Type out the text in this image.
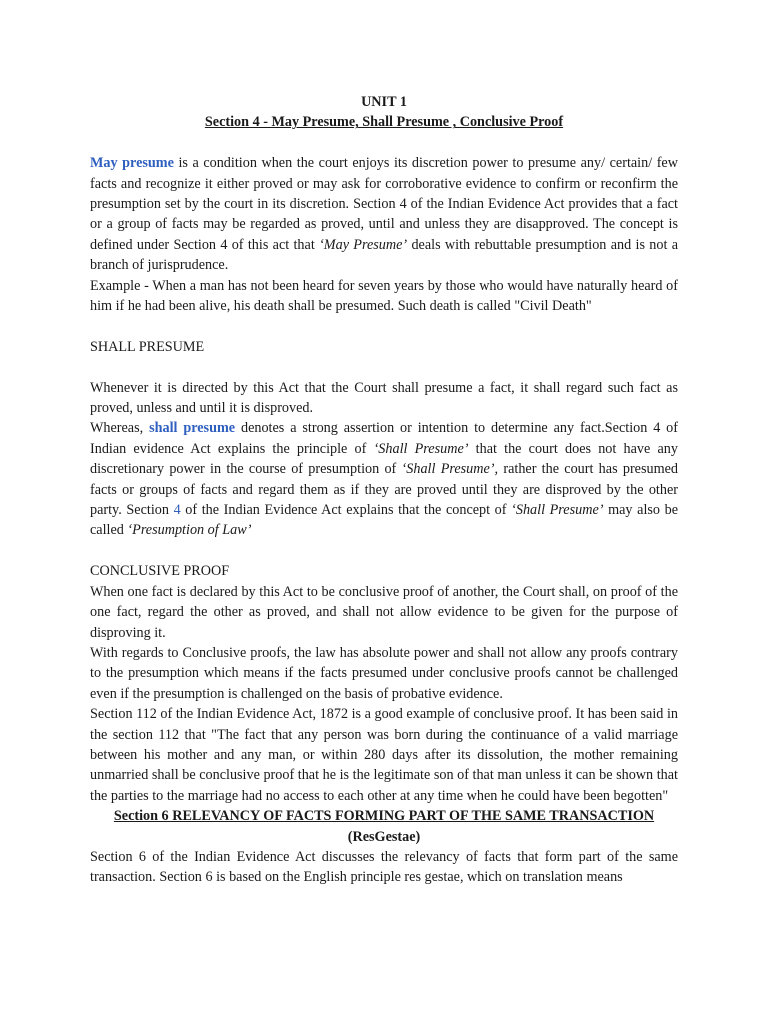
UNIT 1

Section 4 - May Presume, Shall Presume , Conclusive Proof

May presume is a condition when the court enjoys its discretion power to presume any/ certain/ few facts and recognize it either proved or may ask for corroborative evidence to confirm or reconfirm the presumption set by the court in its discretion. Section 4 of the Indian Evidence Act provides that a fact or a group of facts may be regarded as proved, until and unless they are disapproved. The concept is defined under Section 4 of this act that ‘May Presume’ deals with rebuttable presumption and is not a branch of jurisprudence.

Example - When a man has not been heard for seven years by those who would have naturally heard of him if he had been alive, his death shall be presumed. Such death is called "Civil Death"

SHALL PRESUME

Whenever it is directed by this Act that the Court shall presume a fact, it shall regard such fact as proved, unless and until it is disproved.

Whereas, shall presume denotes a strong assertion or intention to determine any fact.Section 4 of Indian evidence Act explains the principle of ‘Shall Presume’ that the court does not have any discretionary power in the course of presumption of ‘Shall Presume’, rather the court has presumed facts or groups of facts and regard them as if they are proved until they are disproved by the other party. Section 4 of the Indian Evidence Act explains that the concept of ‘Shall Presume’ may also be called ‘Presumption of Law’

CONCLUSIVE PROOF

When one fact is declared by this Act to be conclusive proof of another, the Court shall, on proof of the one fact, regard the other as proved, and shall not allow evidence to be given for the purpose of disproving it.

With regards to Conclusive proofs, the law has absolute power and shall not allow any proofs contrary to the presumption which means if the facts presumed under conclusive proofs cannot be challenged even if the presumption is challenged on the basis of probative evidence.

Section 112 of the Indian Evidence Act, 1872 is a good example of conclusive proof. It has been said in the section 112 that "The fact that any person was born during the continuance of a valid marriage between his mother and any man, or within 280 days after its dissolution, the mother remaining unmarried shall be conclusive proof that he is the legitimate son of that man unless it can be shown that the parties to the marriage had no access to each other at any time when he could have been begotten"

Section 6 RELEVANCY OF FACTS FORMING PART OF THE SAME TRANSACTION

(ResGestae)

Section 6 of the Indian Evidence Act discusses the relevancy of facts that form part of the same transaction. Section 6 is based on the English principle res gestae, which on translation means
